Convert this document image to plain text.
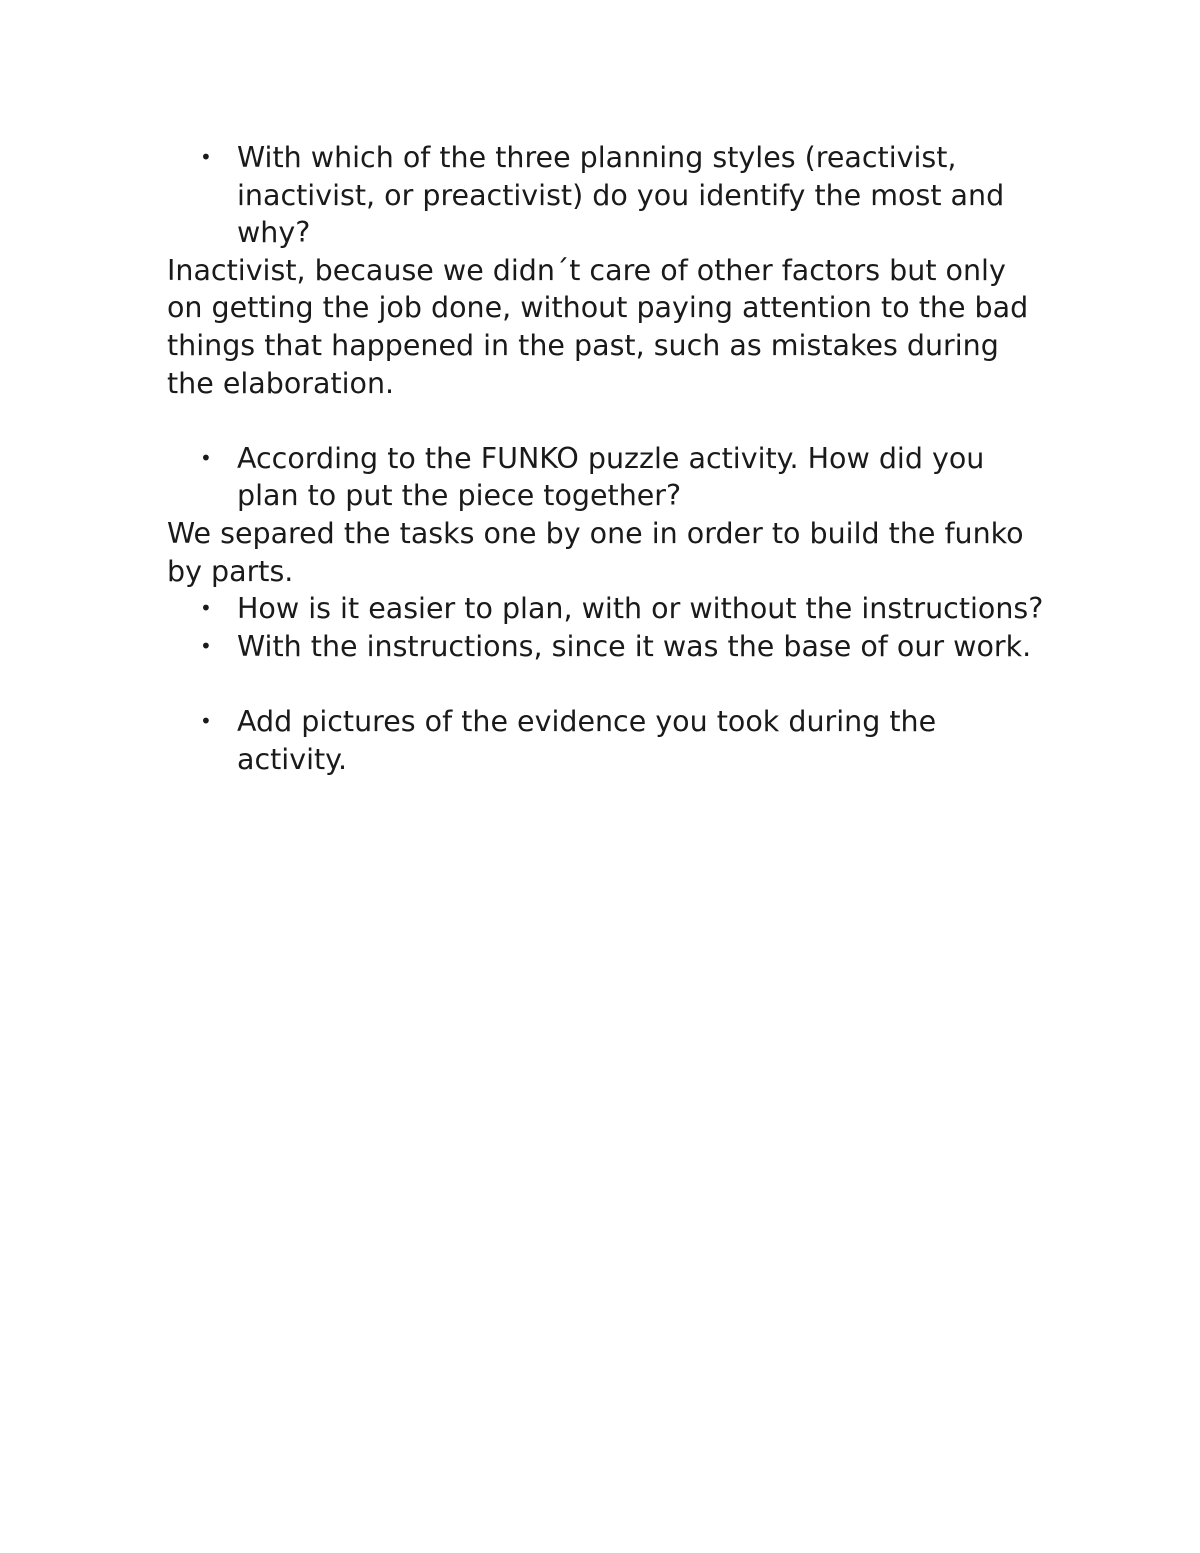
• With which of the three planning styles (reactivist, inactivist, or preactivist) do you identify the most and why?

Inactivist, because we didn´t care of other factors but only on getting the job done, without paying attention to the bad things that happened in the past, such as mistakes during the elaboration.

• According to the FUNKO puzzle activity. How did you plan to put the piece together?

We separed the tasks one by one in order to build the funko by parts.

• How is it easier to plan, with or without the instructions?
• With the instructions, since it was the base of our work.
• Add pictures of the evidence you took during the activity.
